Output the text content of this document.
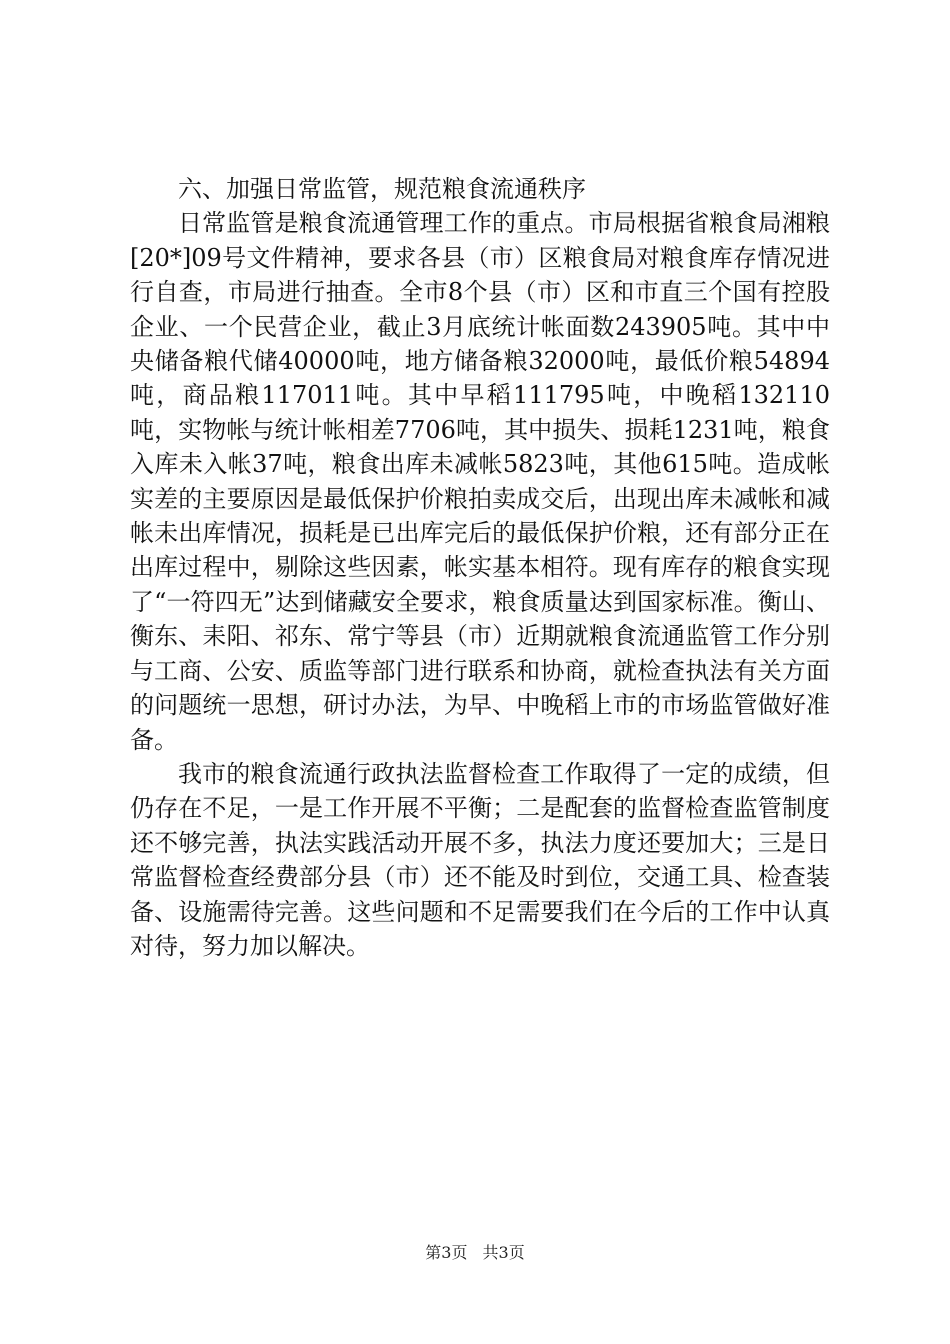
六、加强日常监管，规范粮食流通秩序

日常监管是粮食流通管理工作的重点。市局根据省粮食局湘粮[20*]09号文件精神，要求各县（市）区粮食局对粮食库存情况进行自查，市局进行抽查。全市8个县（市）区和市直三个国有控股企业、一个民营企业，截止3月底统计帐面数243905吨。其中中央储备粮代储40000吨，地方储备粮32000吨，最低价粮54894吨，商品粮117011吨。其中早稻111795吨，中晚稻132110吨，实物帐与统计帐相差7706吨，其中损失、损耗1231吨，粮食入库未入帐37吨，粮食出库未减帐5823吨，其他615吨。造成帐实差的主要原因是最低保护价粮拍卖成交后，出现出库未减帐和减帐未出库情况，损耗是已出库完后的最低保护价粮，还有部分正在出库过程中，剔除这些因素，帐实基本相符。现有库存的粮食实现了“一符四无”达到储藏安全要求，粮食质量达到国家标准。衡山、衡东、耒阳、祁东、常宁等县（市）近期就粮食流通监管工作分别与工商、公安、质监等部门进行联系和协商，就检查执法有关方面的问题统一思想，研讨办法，为早、中晚稻上市的市场监管做好准备。

我市的粮食流通行政执法监督检查工作取得了一定的成绩，但仍存在不足，一是工作开展不平衡；二是配套的监督检查监管制度还不够完善，执法实践活动开展不多，执法力度还要加大；三是日常监督检查经费部分县（市）还不能及时到位，交通工具、检查装备、设施需待完善。这些问题和不足需要我们在今后的工作中认真对待，努力加以解决。

第3页 共3页
